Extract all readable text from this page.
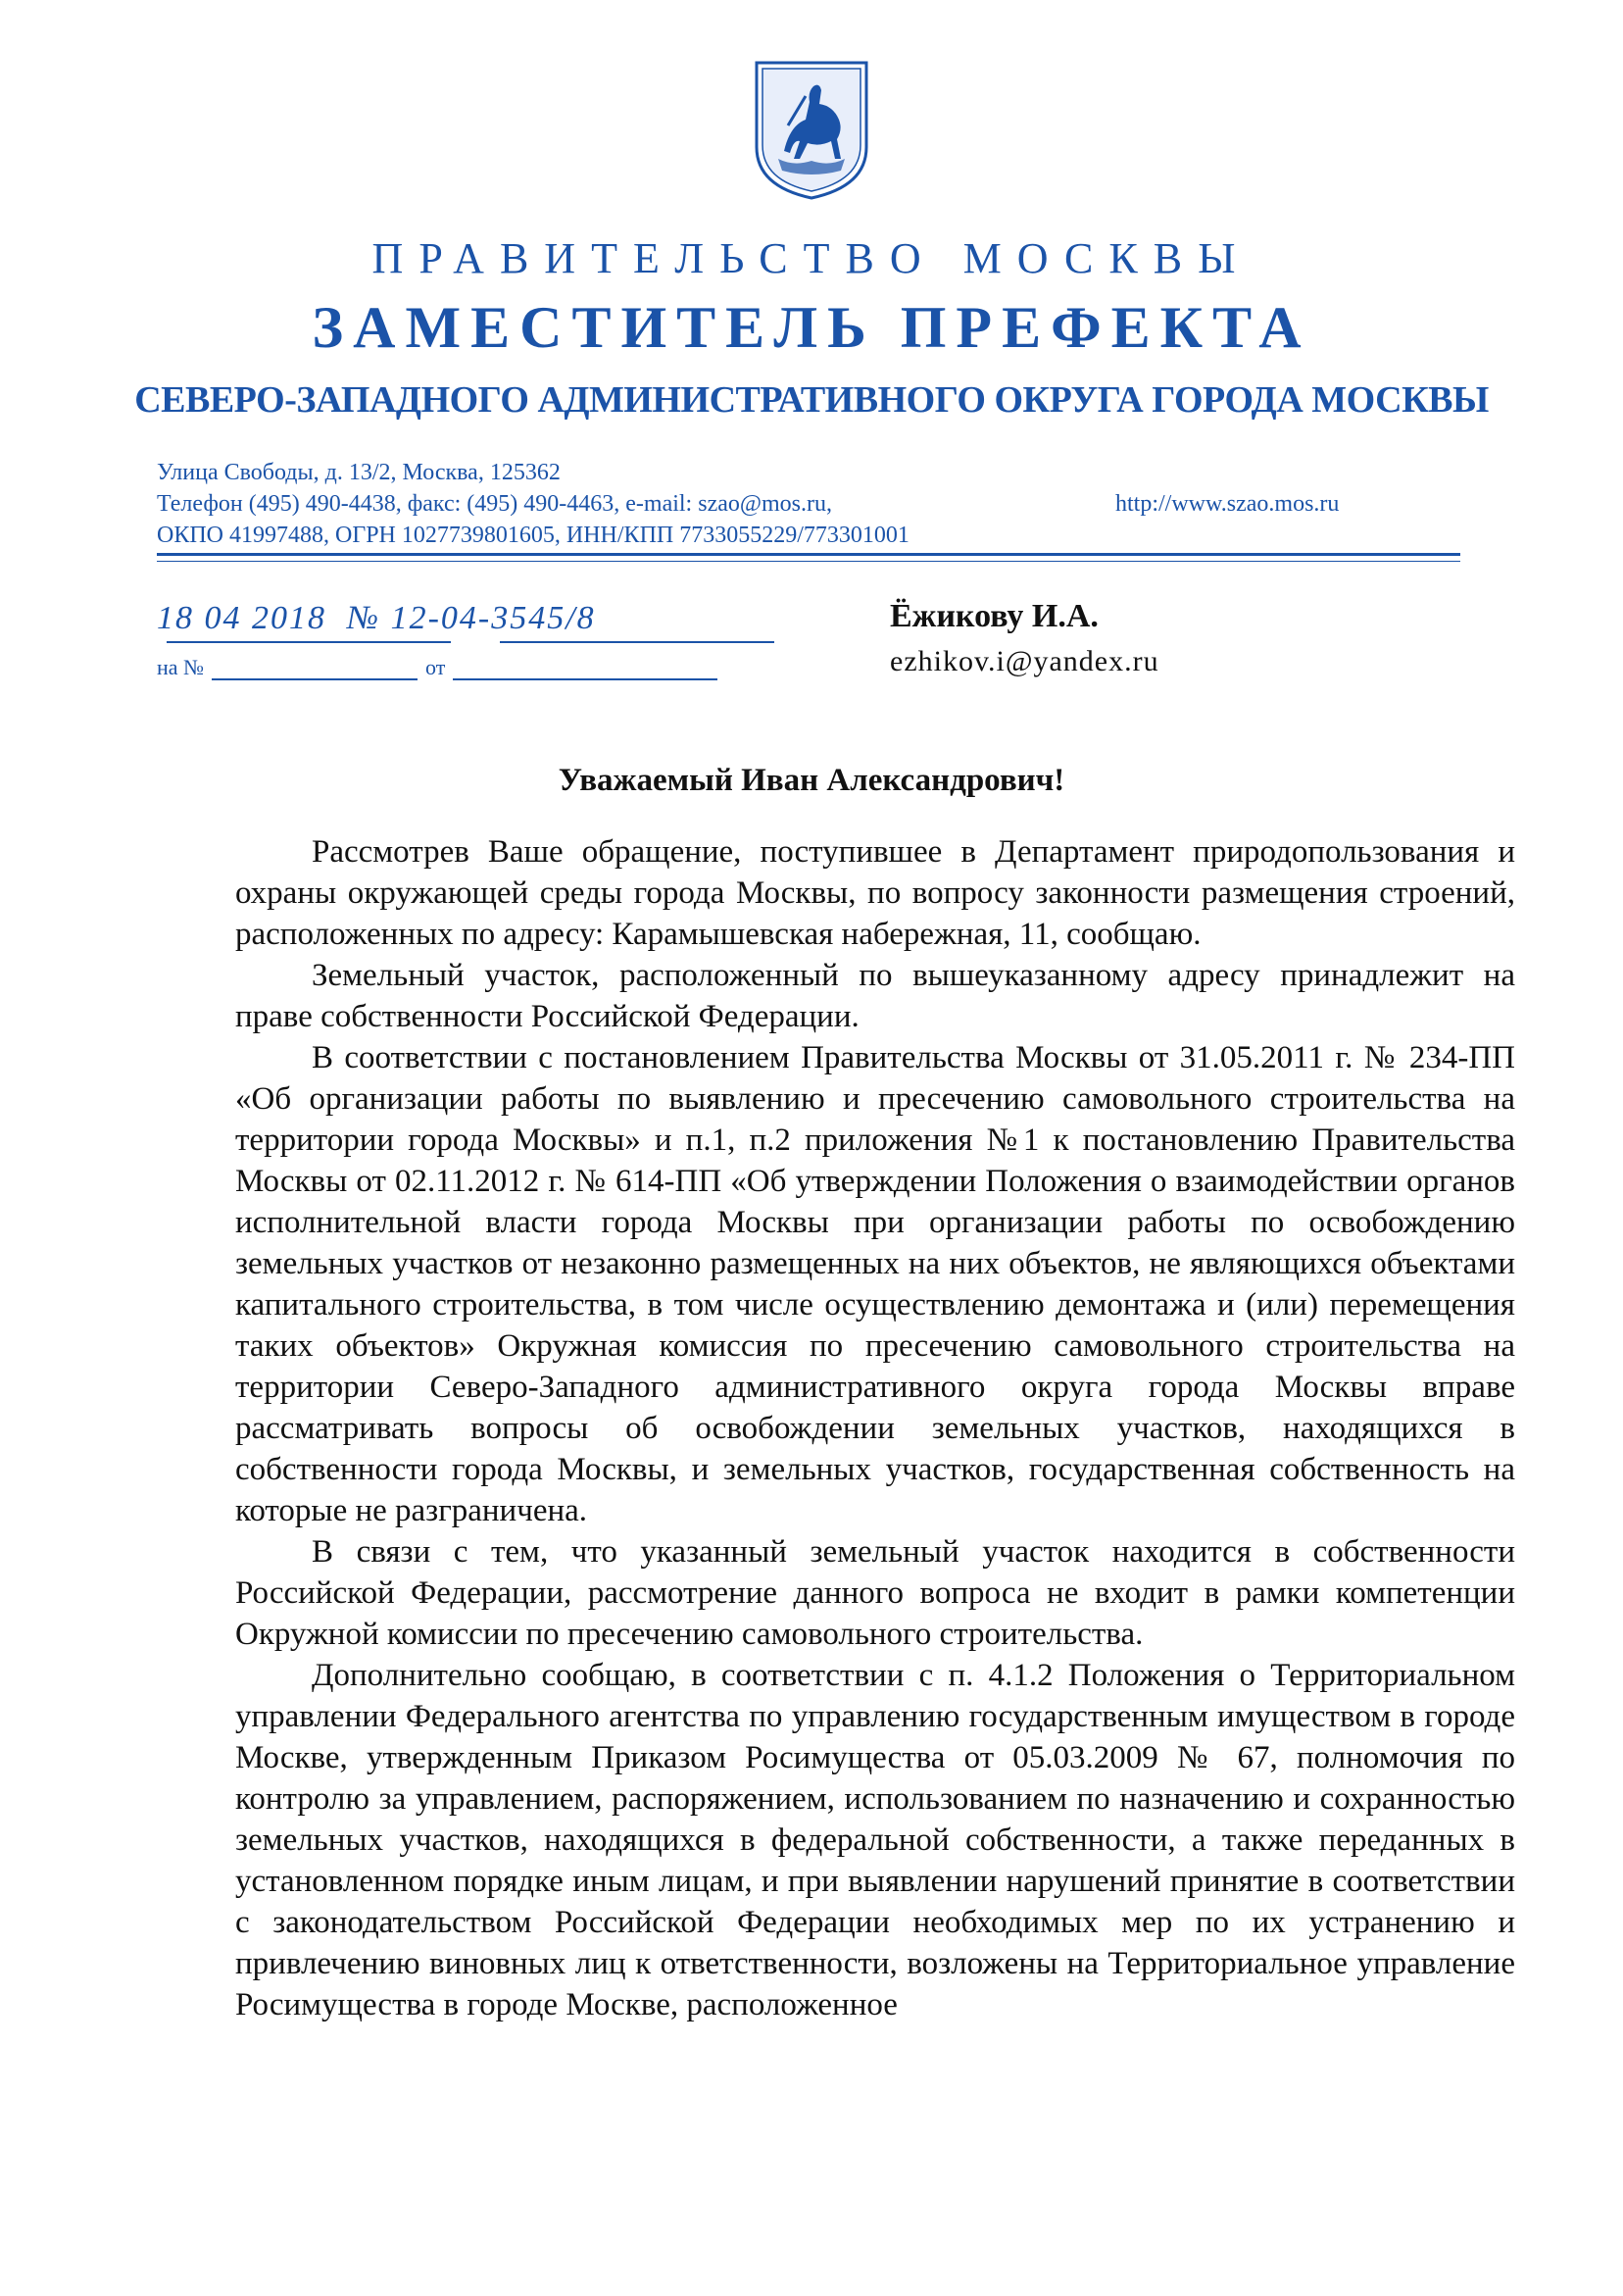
ПРАВИТЕЛЬСТВО МОСКВЫ
ЗАМЕСТИТЕЛЬ ПРЕФЕКТА
СЕВЕРО-ЗАПАДНОГО АДМИНИСТРАТИВНОГО ОКРУГА ГОРОДА МОСКВЫ
Улица Свободы, д. 13/2, Москва, 125362
Телефон (495) 490-4438, факс: (495) 490-4463, e-mail: szao@mos.ru,	http://www.szao.mos.ru
ОКПО 41997488, ОГРН 1027739801605, ИНН/КПП 7733055229/773301001
18 04 2018 № 12-04-3545/8
на №	от
Ёжикову И.А.
ezhikov.i@yandex.ru
Уважаемый Иван Александрович!

Рассмотрев Ваше обращение, поступившее в Департамент природопользования и охраны окружающей среды города Москвы, по вопросу законности размещения строений, расположенных по адресу: Карамышевская набережная, 11, сообщаю.

Земельный участок, расположенный по вышеуказанному адресу принадлежит на праве собственности Российской Федерации.

В соответствии с постановлением Правительства Москвы от 31.05.2011 г. № 234-ПП «Об организации работы по выявлению и пресечению самовольного строительства на территории города Москвы» и п.1, п.2 приложения №1 к постановлению Правительства Москвы от 02.11.2012 г. № 614-ПП «Об утверждении Положения о взаимодействии органов исполнительной власти города Москвы при организации работы по освобождению земельных участков от незаконно размещенных на них объектов, не являющихся объектами капитального строительства, в том числе осуществлению демонтажа и (или) перемещения таких объектов» Окружная комиссия по пресечению самовольного строительства на территории Северо-Западного административного округа города Москвы вправе рассматривать вопросы об освобождении земельных участков, находящихся в собственности города Москвы, и земельных участков, государственная собственность на которые не разграничена.

В связи с тем, что указанный земельный участок находится в собственности Российской Федерации, рассмотрение данного вопроса не входит в рамки компетенции Окружной комиссии по пресечению самовольного строительства.

Дополнительно сообщаю, в соответствии с п. 4.1.2 Положения о Территориальном управлении Федерального агентства по управлению государственным имуществом в городе Москве, утвержденным Приказом Росимущества от 05.03.2009 № 67, полномочия по контролю за управлением, распоряжением, использованием по назначению и сохранностью земельных участков, находящихся в федеральной собственности, а также переданных в установленном порядке иным лицам, и при выявлении нарушений принятие в соответствии с законодательством Российской Федерации необходимых мер по их устранению и привлечению виновных лиц к ответственности, возложены на Территориальное управление Росимущества в городе Москве, расположенное
